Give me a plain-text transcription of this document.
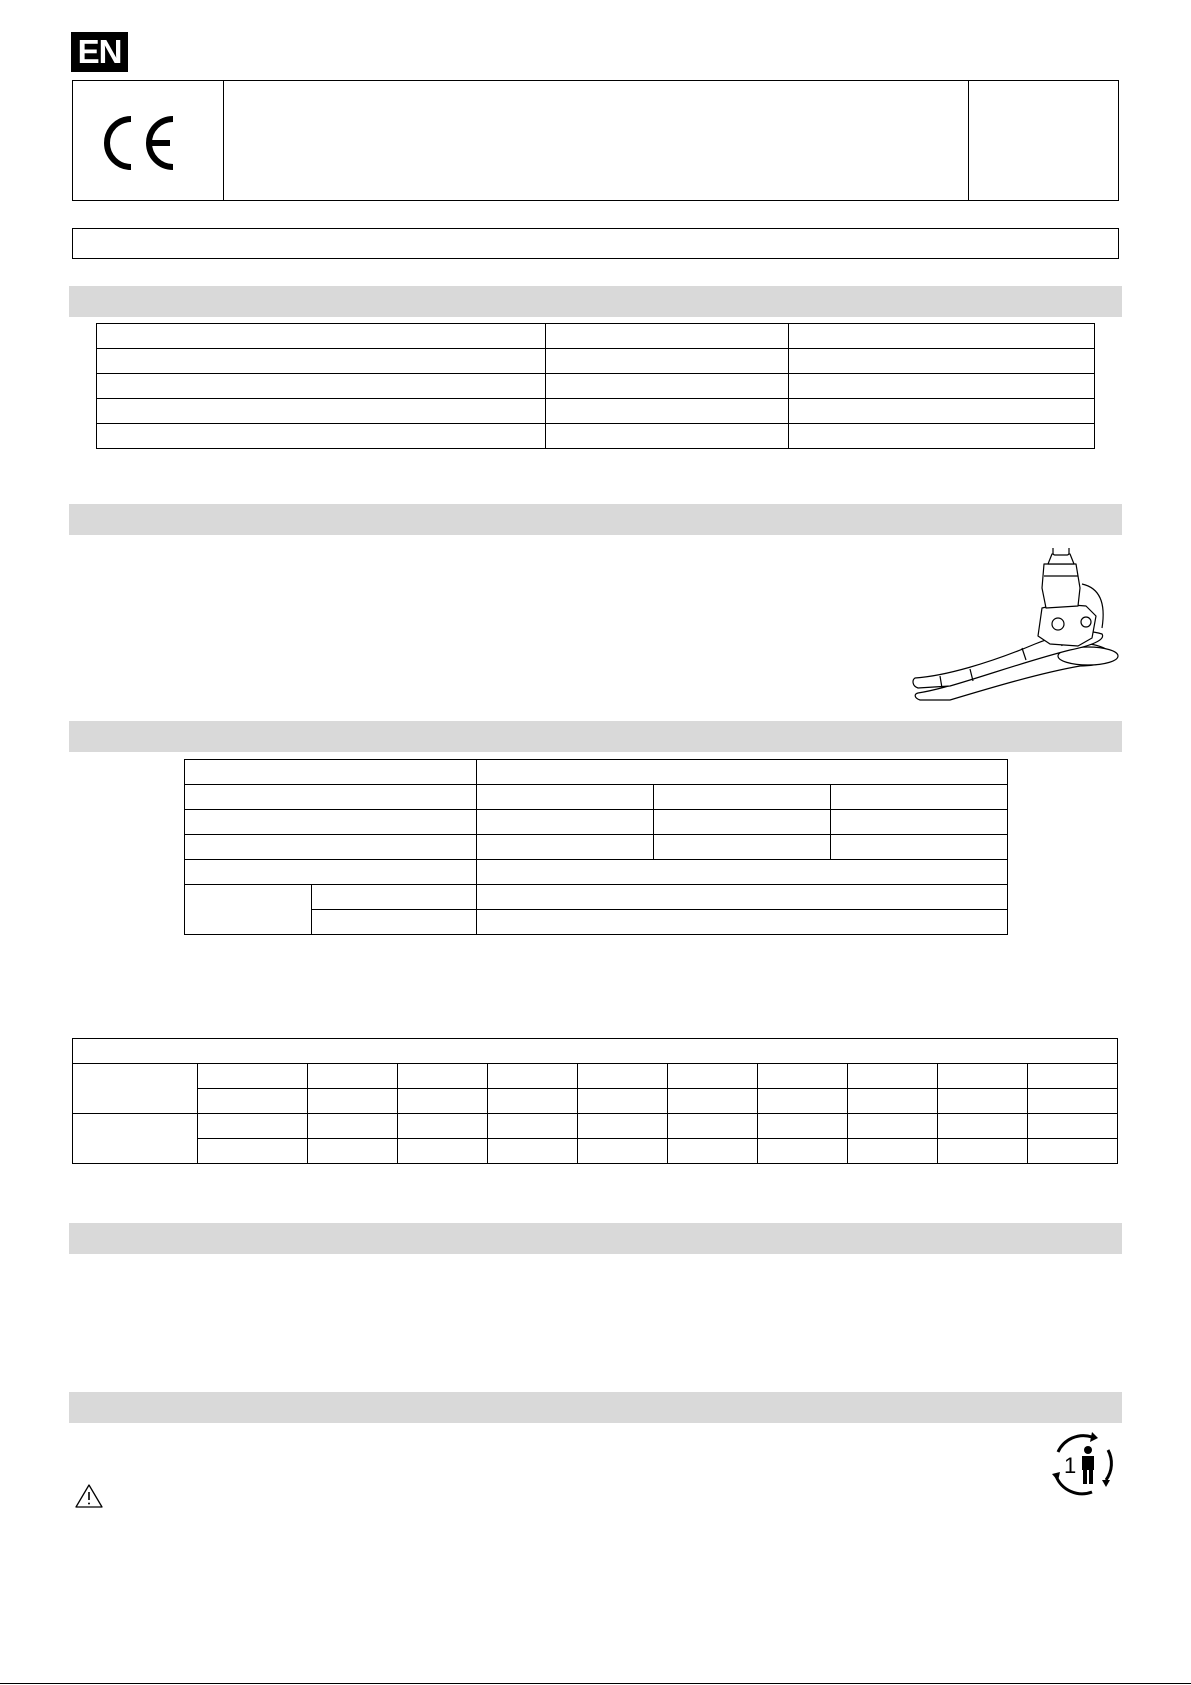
EN

1
